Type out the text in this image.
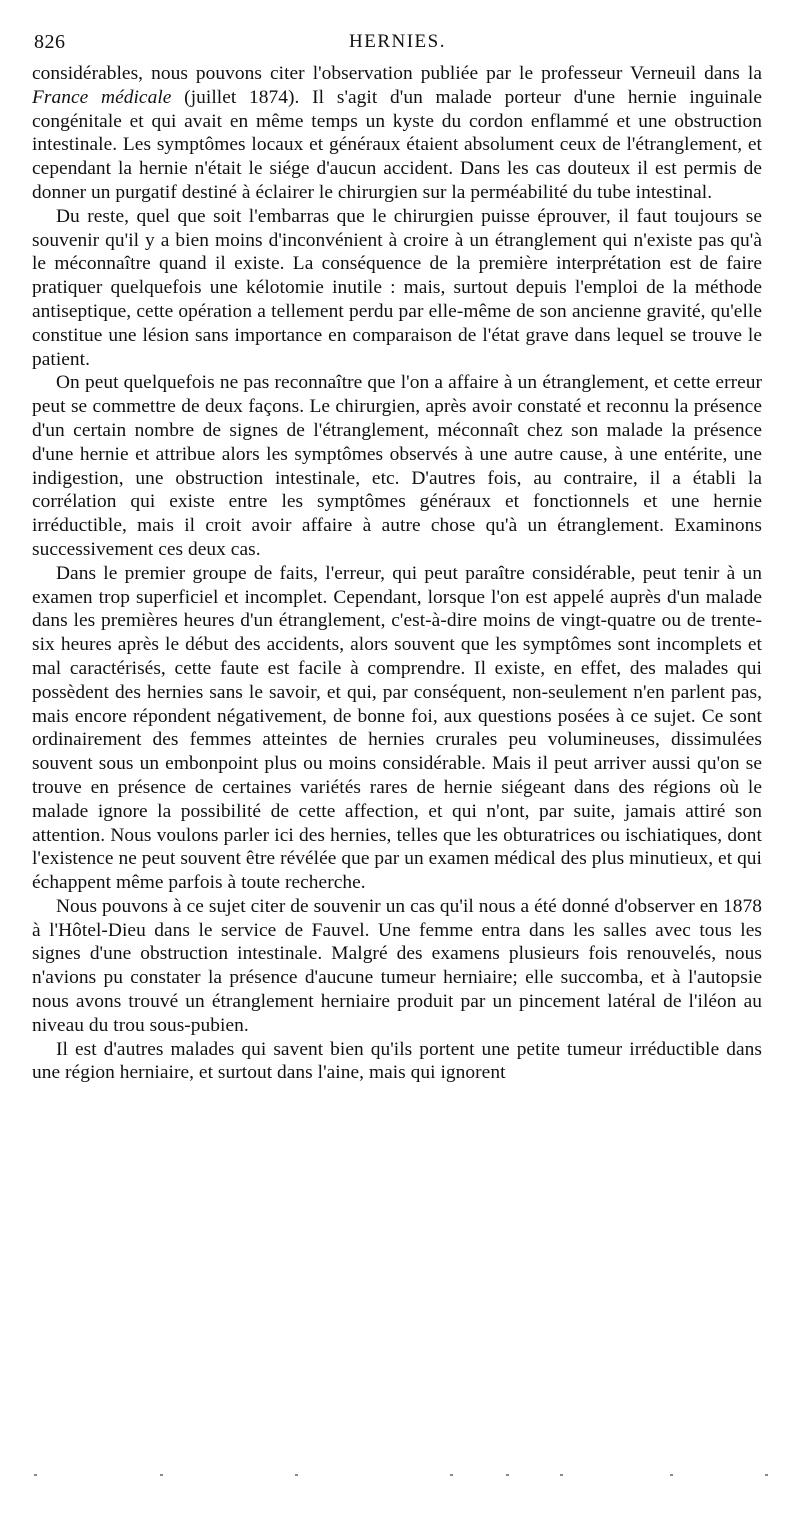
826	HERNIES.

considérables, nous pouvons citer l'observation publiée par le professeur Verneuil dans la France médicale (juillet 1874). Il s'agit d'un malade porteur d'une hernie inguinale congénitale et qui avait en même temps un kyste du cordon enflammé et une obstruction intestinale. Les symptômes locaux et généraux étaient absolument ceux de l'étranglement, et cependant la hernie n'était le siége d'aucun accident. Dans les cas douteux il est permis de donner un purgatif destiné à éclairer le chirurgien sur la perméabilité du tube intestinal.

Du reste, quel que soit l'embarras que le chirurgien puisse éprouver, il faut toujours se souvenir qu'il y a bien moins d'inconvénient à croire à un étranglement qui n'existe pas qu'à le méconnaître quand il existe. La conséquence de la première interprétation est de faire pratiquer quelquefois une kélotomie inutile : mais, surtout depuis l'emploi de la méthode antiseptique, cette opération a tellement perdu par elle-même de son ancienne gravité, qu'elle constitue une lésion sans importance en comparaison de l'état grave dans lequel se trouve le patient.

On peut quelquefois ne pas reconnaître que l'on a affaire à un étranglement, et cette erreur peut se commettre de deux façons. Le chirurgien, après avoir constaté et reconnu la présence d'un certain nombre de signes de l'étranglement, méconnaît chez son malade la présence d'une hernie et attribue alors les symptômes observés à une autre cause, à une entérite, une indigestion, une obstruction intestinale, etc. D'autres fois, au contraire, il a établi la corrélation qui existe entre les symptômes généraux et fonctionnels et une hernie irréductible, mais il croit avoir affaire à autre chose qu'à un étranglement. Examinons successivement ces deux cas.

Dans le premier groupe de faits, l'erreur, qui peut paraître considérable, peut tenir à un examen trop superficiel et incomplet. Cependant, lorsque l'on est appelé auprès d'un malade dans les premières heures d'un étranglement, c'est-à-dire moins de vingt-quatre ou de trente-six heures après le début des accidents, alors souvent que les symptômes sont incomplets et mal caractérisés, cette faute est facile à comprendre. Il existe, en effet, des malades qui possèdent des hernies sans le savoir, et qui, par conséquent, non-seulement n'en parlent pas, mais encore répondent négativement, de bonne foi, aux questions posées à ce sujet. Ce sont ordinairement des femmes atteintes de hernies crurales peu volumineuses, dissimulées souvent sous un embonpoint plus ou moins considérable. Mais il peut arriver aussi qu'on se trouve en présence de certaines variétés rares de hernie siégeant dans des régions où le malade ignore la possibilité de cette affection, et qui n'ont, par suite, jamais attiré son attention. Nous voulons parler ici des hernies, telles que les obturatrices ou ischiatiques, dont l'existence ne peut souvent être révélée que par un examen médical des plus minutieux, et qui échappent même parfois à toute recherche.

Nous pouvons à ce sujet citer de souvenir un cas qu'il nous a été donné d'observer en 1878 à l'Hôtel-Dieu dans le service de Fauvel. Une femme entra dans les salles avec tous les signes d'une obstruction intestinale. Malgré des examens plusieurs fois renouvelés, nous n'avions pu constater la présence d'aucune tumeur herniaire; elle succomba, et à l'autopsie nous avons trouvé un étranglement herniaire produit par un pincement latéral de l'iléon au niveau du trou sous-pubien.

Il est d'autres malades qui savent bien qu'ils portent une petite tumeur irréductible dans une région herniaire, et surtout dans l'aine, mais qui ignorent
